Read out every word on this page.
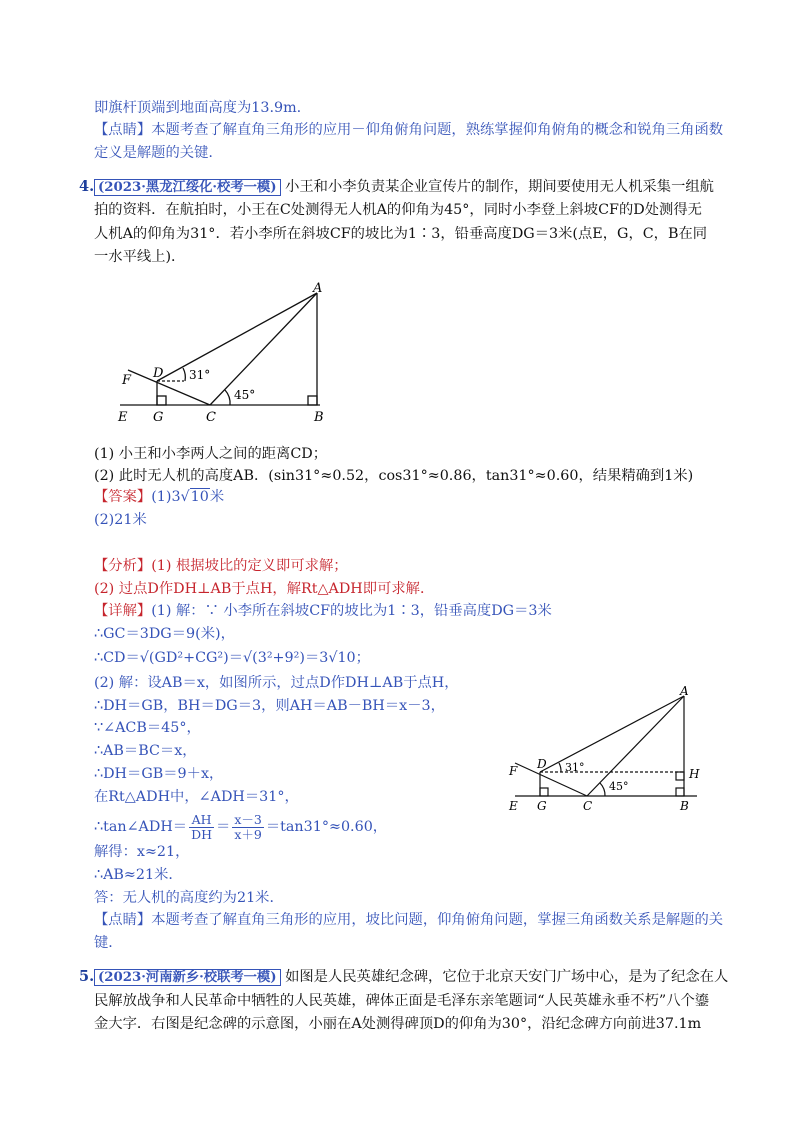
即旗杆顶端到地面高度为13.9m.
【点睛】本题考查了解直角三角形的应用－仰角俯角问题，熟练掌握仰角俯角的概念和锐角三角函数
定义是解题的关键.
4. (2023·黑龙江绥化·校考一模) 小王和小李负责某企业宣传片的制作，期间要使用无人机采集一组航
拍的资料．在航拍时，小王在C处测得无人机A的仰角为45°，同时小李登上斜坡CF的D处测得无
人机A的仰角为31°．若小李所在斜坡CF的坡比为1∶3，铅垂高度DG＝3米(点E，G，C，B在同
一水平线上)．
A
F D
E G	C	B
31°
45°
(1) 小王和小李两人之间的距离CD；
(2) 此时无人机的高度AB．(sin31°≈0.52，cos31°≈0.86，tan31°≈0.60，结果精确到1米)
【答案】(1)3√10米
(2)21米
【分析】(1) 根据坡比的定义即可求解；
(2) 过点D作DH⊥AB于点H，解Rt△ADH即可求解．
【详解】(1) 解：∵ 小李所在斜坡CF的坡比为1∶3，铅垂高度DG＝3米
∴GC＝3DG＝9(米)，
∴CD＝√(GD²+CG²)＝√(3²+9²)＝3√10；
(2) 解：设AB＝x，如图所示，过点D作DH⊥AB于点H，
∴DH＝GB，BH＝DG＝3，则AH＝AB－BH＝x－3，
∵∠ACB＝45°，
∴AB＝BC＝x，
∴DH＝GB＝9＋x，
在Rt△ADH中，∠ADH＝31°，
∴tan∠ADH＝ $\frac{AH}{DH} = \frac{x-3}{x+9} =\tan 31^\circ\approx 0.60$，
解得：x≈21，
∴AB≈21米．
答：无人机的高度约为21米．
【点睛】本题考查了解直角三角形的应用，坡比问题，仰角俯角问题，掌握三角函数关系是解题的关
键．
A
F D
H
E G	C	B
31°
45°
5. (2023·河南新乡·校联考一模) 如图是人民英雄纪念碑，它位于北京天安门广场中心，是为了纪念在人
民解放战争和人民革命中牺牲的人民英雄，碑体正面是毛泽东亲笔题词“人民英雄永垂不朽”八个鎏
金大字．右图是纪念碑的示意图，小丽在A处测得碑顶D的仰角为30°，沿纪念碑方向前进37.1m
